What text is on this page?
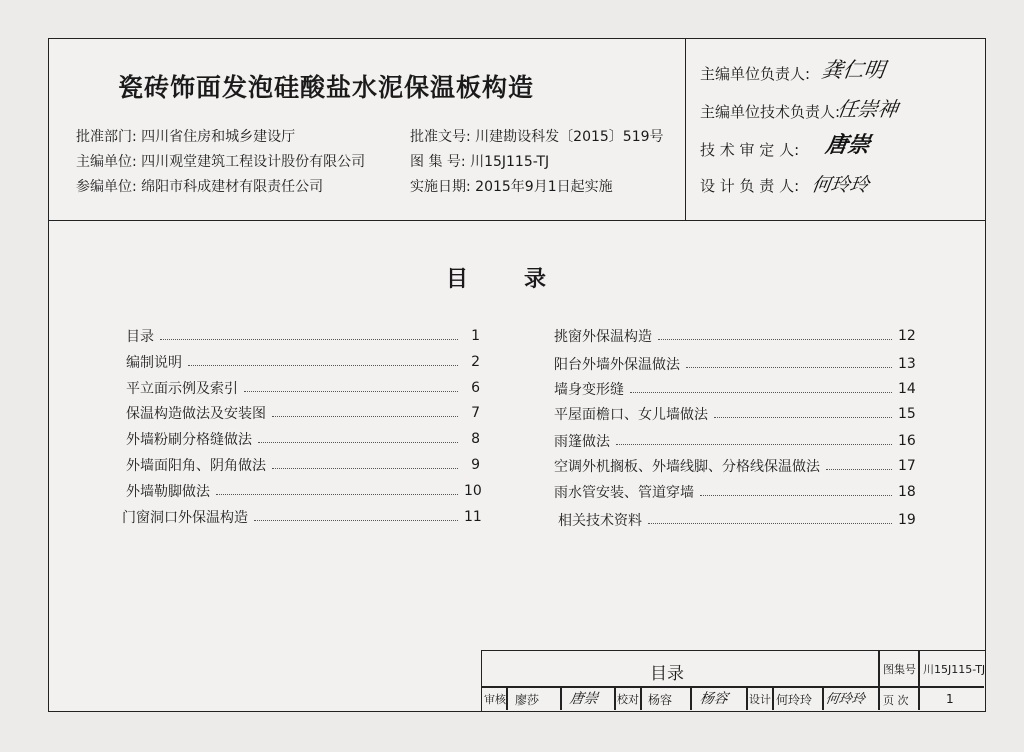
瓷砖饰面发泡硅酸盐水泥保温板构造
批准部门: 四川省住房和城乡建设厅
主编单位: 四川观堂建筑工程设计股份有限公司
参编单位: 绵阳市科成建材有限责任公司
批准文号: 川建勘设科发〔2015〕519号
图 集 号: 川15J115-TJ
实施日期: 2015年9月1日起实施
主编单位负责人: 龚仁明
主编单位技术负责人:
任崇神
技 术 审 定 人: 唐崇
设 计 负 责 人: 何玲玲
目	录
目录	1
编制说明	2
平立面示例及索引	6
保温构造做法及安装图	7
外墙粉刷分格缝做法	8
外墙面阳角、阴角做法	9
外墙勒脚做法	10
门窗洞口外保温构造	11
挑窗外保温构造	12
阳台外墙外保温做法	13
墙身变形缝	14
平屋面檐口、女儿墙做法	15
雨篷做法	16
空调外机搁板、外墙线脚、分格线保温做法	17
雨水管安装、管道穿墙	18
相关技术资料	19
目录	图集号 川15J115-TJ
审核 廖莎 唐崇 校对 杨容 杨容 设计 何玲玲 何玲玲 页 次	1
